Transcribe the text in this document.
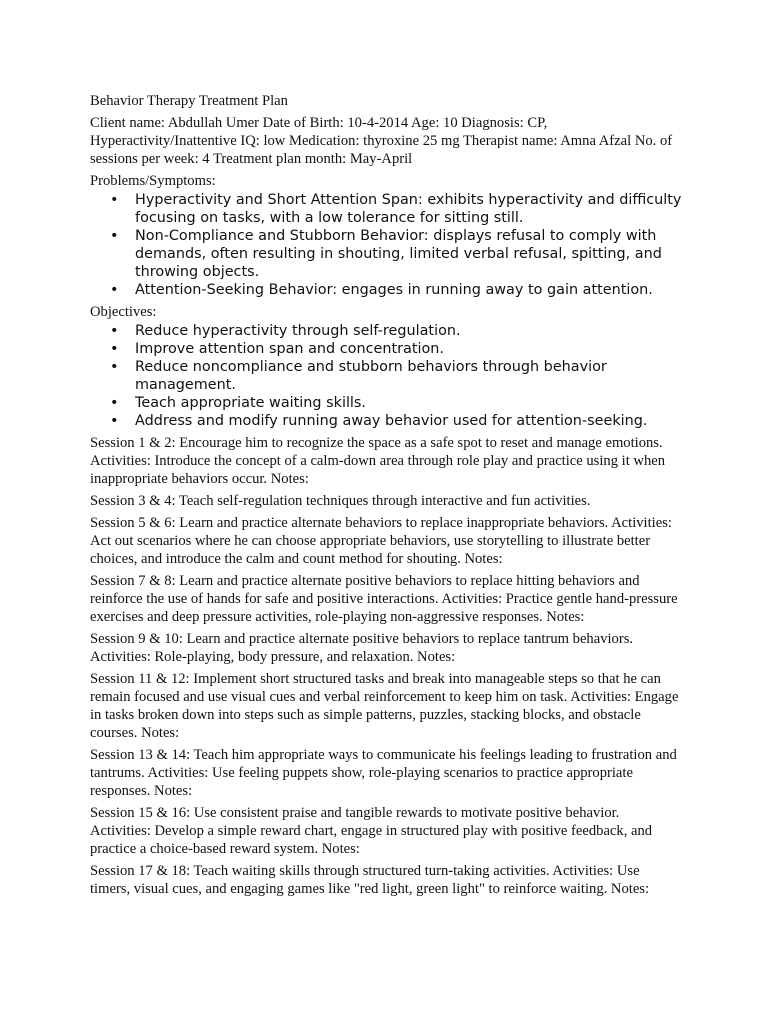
Behavior Therapy Treatment Plan

Client name: Abdullah Umer Date of Birth: 10-4-2014 Age: 10 Diagnosis: CP, Hyperactivity/Inattentive IQ: low Medication: thyroxine 25 mg Therapist name: Amna Afzal No. of sessions per week: 4 Treatment plan month: May-April

Problems/Symptoms:

• Hyperactivity and Short Attention Span: exhibits hyperactivity and difficulty focusing on tasks, with a low tolerance for sitting still.
• Non-Compliance and Stubborn Behavior: displays refusal to comply with demands, often resulting in shouting, limited verbal refusal, spitting, and throwing objects.
• Attention-Seeking Behavior: engages in running away to gain attention.

Objectives:

• Reduce hyperactivity through self-regulation.
• Improve attention span and concentration.
• Reduce noncompliance and stubborn behaviors through behavior management.
• Teach appropriate waiting skills.
• Address and modify running away behavior used for attention-seeking.

Session 1 & 2: Encourage him to recognize the space as a safe spot to reset and manage emotions. Activities: Introduce the concept of a calm-down area through role play and practice using it when inappropriate behaviors occur. Notes:

Session 3 & 4: Teach self-regulation techniques through interactive and fun activities.

Session 5 & 6: Learn and practice alternate behaviors to replace inappropriate behaviors. Activities: Act out scenarios where he can choose appropriate behaviors, use storytelling to illustrate better choices, and introduce the calm and count method for shouting. Notes:

Session 7 & 8: Learn and practice alternate positive behaviors to replace hitting behaviors and reinforce the use of hands for safe and positive interactions. Activities: Practice gentle hand-pressure exercises and deep pressure activities, role-playing non-aggressive responses. Notes:

Session 9 & 10: Learn and practice alternate positive behaviors to replace tantrum behaviors. Activities: Role-playing, body pressure, and relaxation. Notes:

Session 11 & 12: Implement short structured tasks and break into manageable steps so that he can remain focused and use visual cues and verbal reinforcement to keep him on task. Activities: Engage in tasks broken down into steps such as simple patterns, puzzles, stacking blocks, and obstacle courses. Notes:

Session 13 & 14: Teach him appropriate ways to communicate his feelings leading to frustration and tantrums. Activities: Use feeling puppets show, role-playing scenarios to practice appropriate responses. Notes:

Session 15 & 16: Use consistent praise and tangible rewards to motivate positive behavior. Activities: Develop a simple reward chart, engage in structured play with positive feedback, and practice a choice-based reward system. Notes:

Session 17 & 18: Teach waiting skills through structured turn-taking activities. Activities: Use timers, visual cues, and engaging games like "red light, green light" to reinforce waiting. Notes:
